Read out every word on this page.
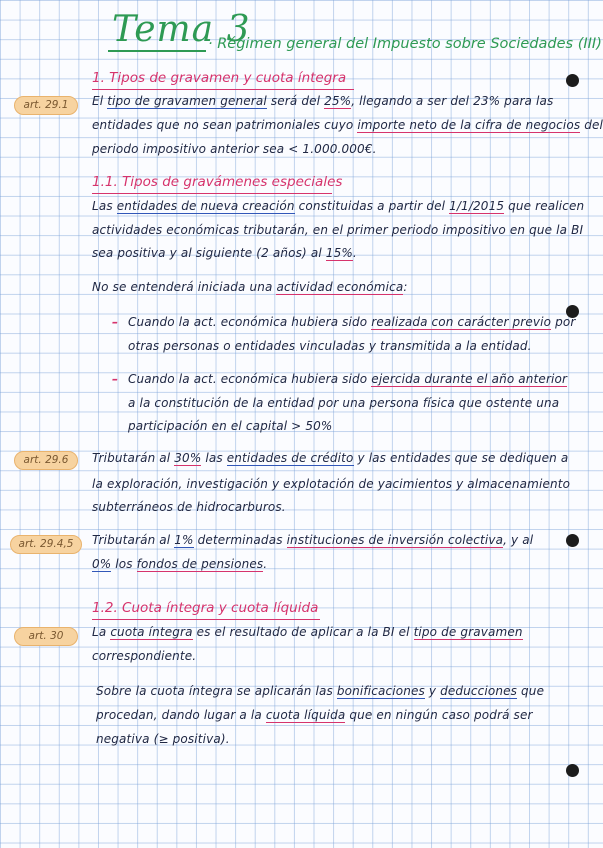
Tema 3
· Régimen general del Impuesto sobre Sociedades (III)
1. Tipos de gravamen y cuota íntegra
art. 29.1	El tipo de gravamen general será del 25%, llegando a ser del 23% para las
entidades que no sean patrimoniales cuyo importe neto de la cifra de negocios del
periodo impositivo anterior sea < 1.000.000€.
1.1. Tipos de gravámenes especiales
Las entidades de nueva creación constituidas a partir del 1/1/2015 que realicen
actividades económicas tributarán, en el primer periodo impositivo en que la BI
sea positiva y al siguiente (2 años) al 15%.
No se entenderá iniciada una actividad económica:
– Cuando la act. económica hubiera sido realizada con carácter previo por
otras personas o entidades vinculadas y transmitida a la entidad.
– Cuando la act. económica hubiera sido ejercida durante el año anterior
a la constitución de la entidad por una persona física que ostente una
participación en el capital > 50%
art. 29.6	Tributarán al 30% las entidades de crédito y las entidades que se dediquen a
la exploración, investigación y explotación de yacimientos y almacenamiento
subterráneos de hidrocarburos.
art. 29.4,5	Tributarán al 1% determinadas instituciones de inversión colectiva, y al
0% los fondos de pensiones.
1.2. Cuota íntegra y cuota líquida
art. 30	La cuota íntegra es el resultado de aplicar a la BI el tipo de gravamen
correspondiente.
Sobre la cuota íntegra se aplicarán las bonificaciones y deducciones que
procedan, dando lugar a la cuota líquida que en ningún caso podrá ser
negativa (≥ positiva).
